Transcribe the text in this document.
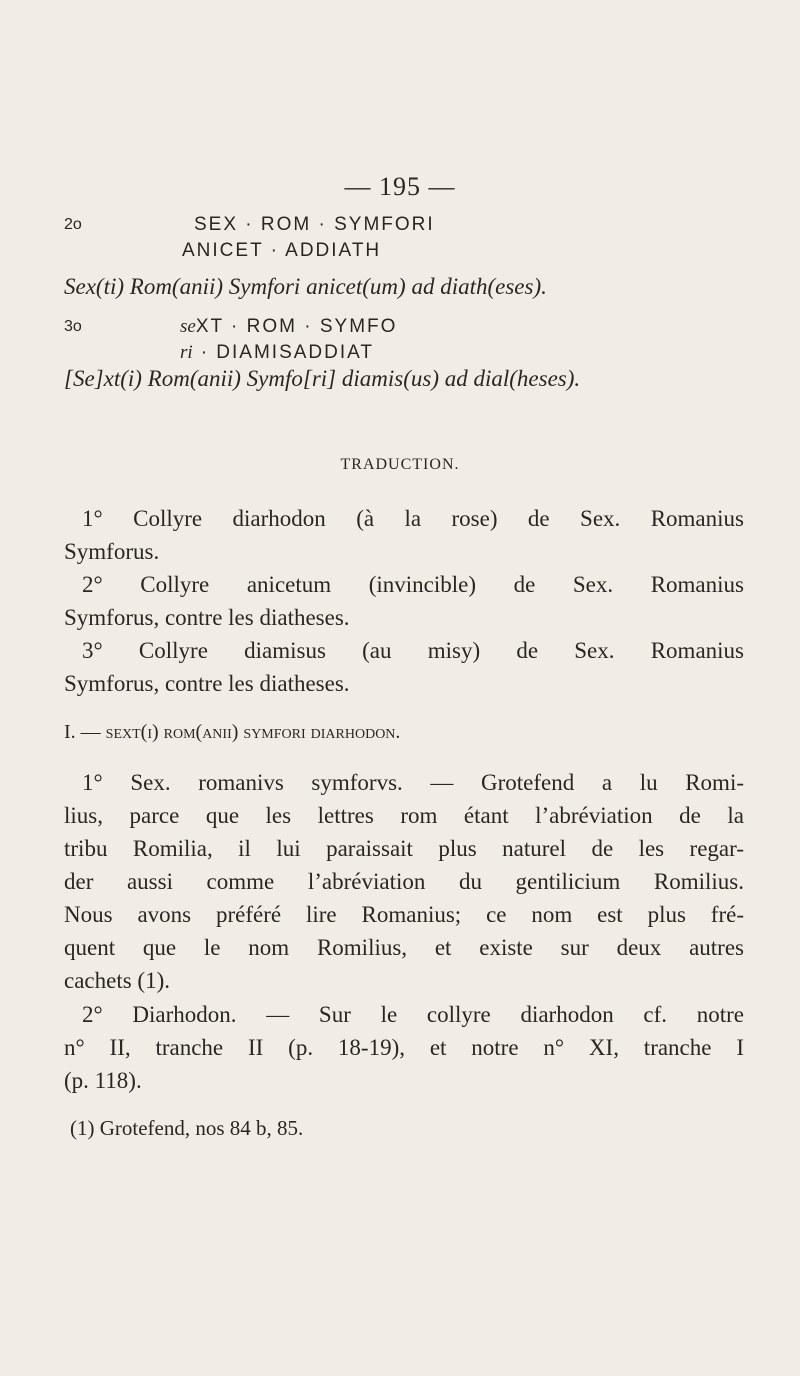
— 195 —
2o	SEX · ROM · SYMFORI
ANICET · ADDIATH
Sex(ti) Rom(anii) Symfori anicet(um) ad diath(eses).
3o	seXT · ROM · SYMFO
ri · DIAMISADDIAT
[Se]xt(i) Rom(anii) Symfo[ri] diamis(us) ad dial(heses).
TRADUCTION.
1° Collyre diarhodon (à la rose) de Sex. Romanius
Symforus.
2° Collyre anicetum (invincible) de Sex. Romanius
Symforus, contre les diatheses.
3° Collyre diamisus (au misy) de Sex. Romanius
Symforus, contre les diatheses.
I. — sext(i) rom(anii) symfori diarhodon.
1° Sex. romanivs symforvs. — Grotefend a lu Romi-
lius, parce que les lettres rom étant l’abréviation de la
tribu Romilia, il lui paraissait plus naturel de les regar-
der aussi comme l’abréviation du gentilicium Romilius.
Nous avons préféré lire Romanius; ce nom est plus fré-
quent que le nom Romilius, et existe sur deux autres
cachets (1).
2° Diarhodon. — Sur le collyre diarhodon cf. notre
n° II, tranche II (p. 18-19), et notre n° XI, tranche I
(p. 118).
(1) Grotefend, nos 84 b, 85.
